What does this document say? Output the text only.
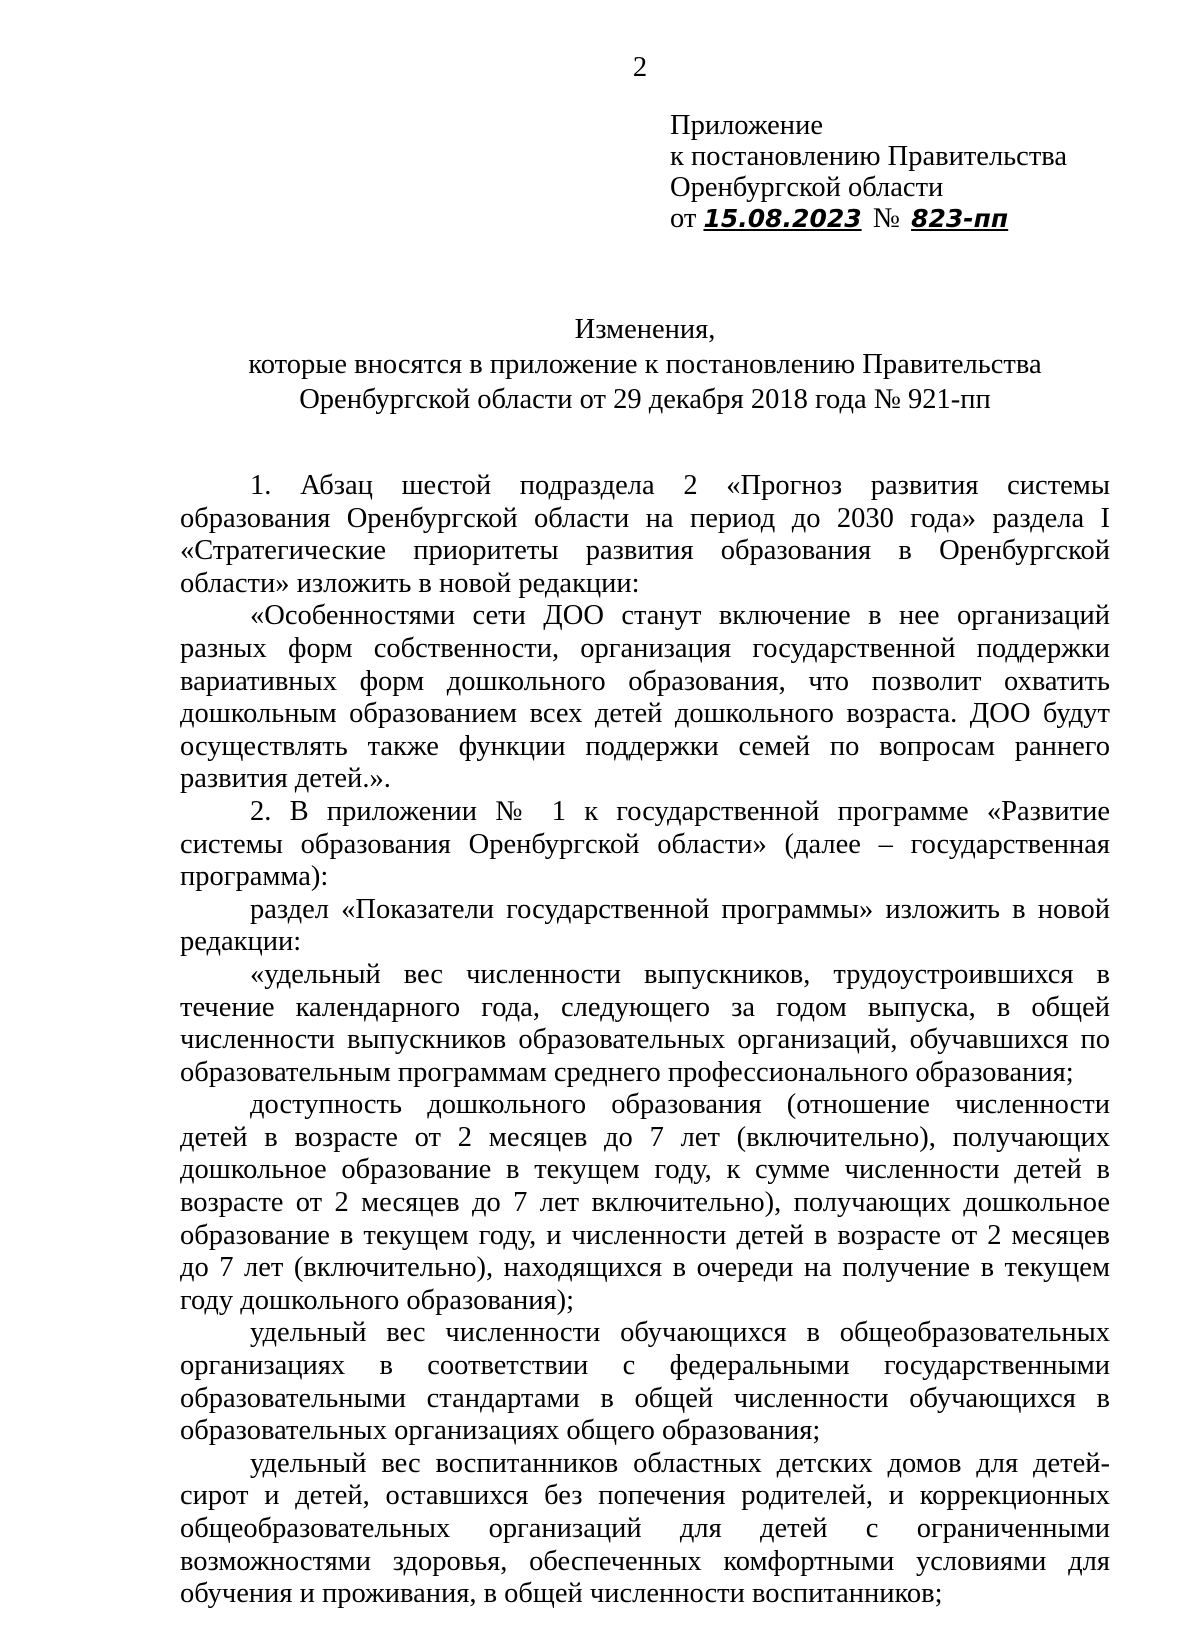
2
Приложение
к постановлению Правительства
Оренбургской области
от 15.08.2023 № 823-пп
Изменения,
которые вносятся в приложение к постановлению Правительства
Оренбургской области от 29 декабря 2018 года № 921-пп

1. Абзац шестой подраздела 2 «Прогноз развития системы образования Оренбургской области на период до 2030 года» раздела I «Стратегические приоритеты развития образования в Оренбургской области» изложить в новой редакции:

«Особенностями сети ДОО станут включение в нее организаций разных форм собственности, организация государственной поддержки вариативных форм дошкольного образования, что позволит охватить дошкольным образованием всех детей дошкольного возраста. ДОО будут осуществлять также функции поддержки семей по вопросам раннего развития детей.».

2. В приложении № 1 к государственной программе «Развитие системы образования Оренбургской области» (далее – государственная программа):

раздел «Показатели государственной программы» изложить в новой редакции:

«удельный вес численности выпускников, трудоустроившихся в течение календарного года, следующего за годом выпуска, в общей численности выпускников образовательных организаций, обучавшихся по образовательным программам среднего профессионального образования;

доступность дошкольного образования (отношение численности детей в возрасте от 2 месяцев до 7 лет (включительно), получающих дошкольное образование в текущем году, к сумме численности детей в возрасте от 2 месяцев до 7 лет включительно), получающих дошкольное образование в текущем году, и численности детей в возрасте от 2 месяцев до 7 лет (включительно), находящихся в очереди на получение в текущем году дошкольного образования);

удельный вес численности обучающихся в общеобразовательных организациях в соответствии с федеральными государственными образовательными стандартами в общей численности обучающихся в образовательных организациях общего образования;

удельный вес воспитанников областных детских домов для детей-сирот и детей, оставшихся без попечения родителей, и коррекционных общеобразовательных организаций для детей с ограниченными возможностями здоровья, обеспеченных комфортными условиями для обучения и проживания, в общей численности воспитанников;
